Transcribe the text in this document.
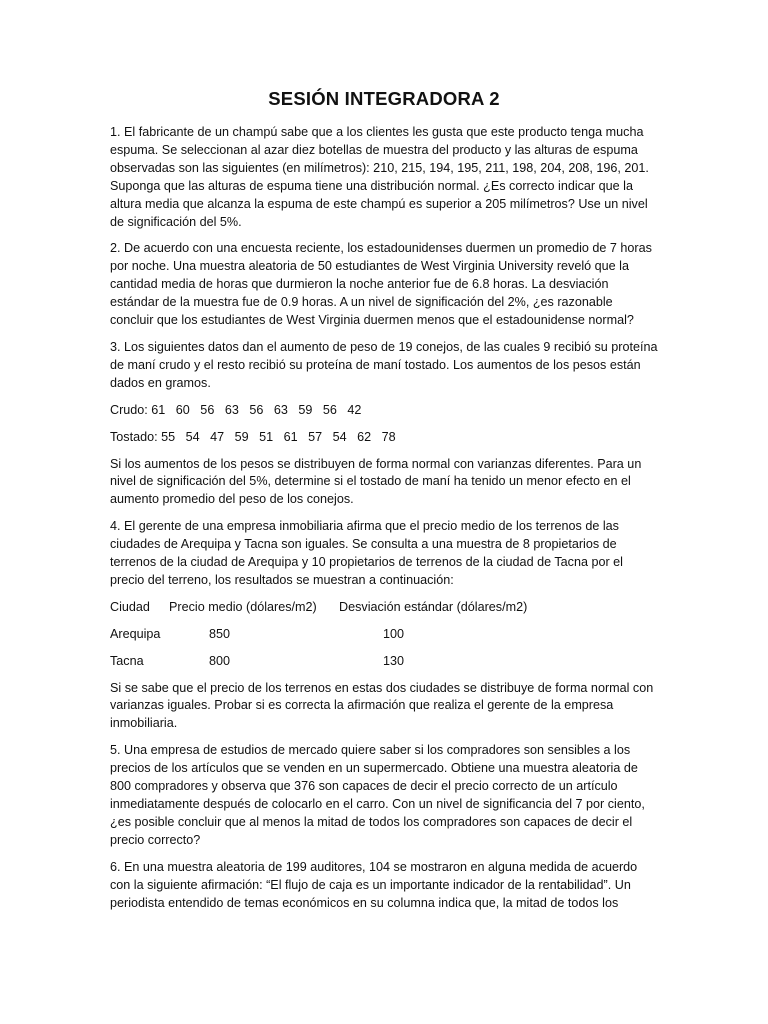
SESIÓN INTEGRADORA 2

1. El fabricante de un champú sabe que a los clientes les gusta que este producto tenga mucha espuma. Se seleccionan al azar diez botellas de muestra del producto y las alturas de espuma observadas son las siguientes (en milímetros): 210, 215, 194, 195, 211, 198, 204, 208, 196, 201. Suponga que las alturas de espuma tiene una distribución normal. ¿Es correcto indicar que la altura media que alcanza la espuma de este champú es superior a 205 milímetros? Use un nivel de significación del 5%.

2. De acuerdo con una encuesta reciente, los estadounidenses duermen un promedio de 7 horas por noche. Una muestra aleatoria de 50 estudiantes de West Virginia University reveló que la cantidad media de horas que durmieron la noche anterior fue de 6.8 horas. La desviación estándar de la muestra fue de 0.9 horas. A un nivel de significación del 2%, ¿es razonable concluir que los estudiantes de West Virginia duermen menos que el estadounidense normal?

3. Los siguientes datos dan el aumento de peso de 19 conejos, de las cuales 9 recibió su proteína de maní crudo y el resto recibió su proteína de maní tostado. Los aumentos de los pesos están dados en gramos.

Crudo: 61   60   56   63   56   63   59   56   42
Tostado: 55   54   47   59   51   61   57   54   62   78

Si los aumentos de los pesos se distribuyen de forma normal con varianzas diferentes. Para un nivel de significación del 5%, determine si el tostado de maní ha tenido un menor efecto en el aumento promedio del peso de los conejos.

4. El gerente de una empresa inmobiliaria afirma que el precio medio de los terrenos de las ciudades de Arequipa y Tacna son iguales. Se consulta a una muestra de 8 propietarios de terrenos de la ciudad de Arequipa y 10 propietarios de terrenos de la ciudad de Tacna por el precio del terreno, los resultados se muestran a continuación:

Ciudad	Precio medio (dólares/m2)	Desviación estándar (dólares/m2)
Arequipa	850	100
Tacna	800	130

Si se sabe que el precio de los terrenos en estas dos ciudades se distribuye de forma normal con varianzas iguales. Probar si es correcta la afirmación que realiza el gerente de la empresa inmobiliaria.

5. Una empresa de estudios de mercado quiere saber si los compradores son sensibles a los precios de los artículos que se venden en un supermercado. Obtiene una muestra aleatoria de 800 compradores y observa que 376 son capaces de decir el precio correcto de un artículo inmediatamente después de colocarlo en el carro. Con un nivel de significancia del 7 por ciento, ¿es posible concluir que al menos la mitad de todos los compradores son capaces de decir el precio correcto?

6. En una muestra aleatoria de 199 auditores, 104 se mostraron en alguna medida de acuerdo con la siguiente afirmación: “El flujo de caja es un importante indicador de la rentabilidad”. Un periodista entendido de temas económicos en su columna indica que, la mitad de todos los
